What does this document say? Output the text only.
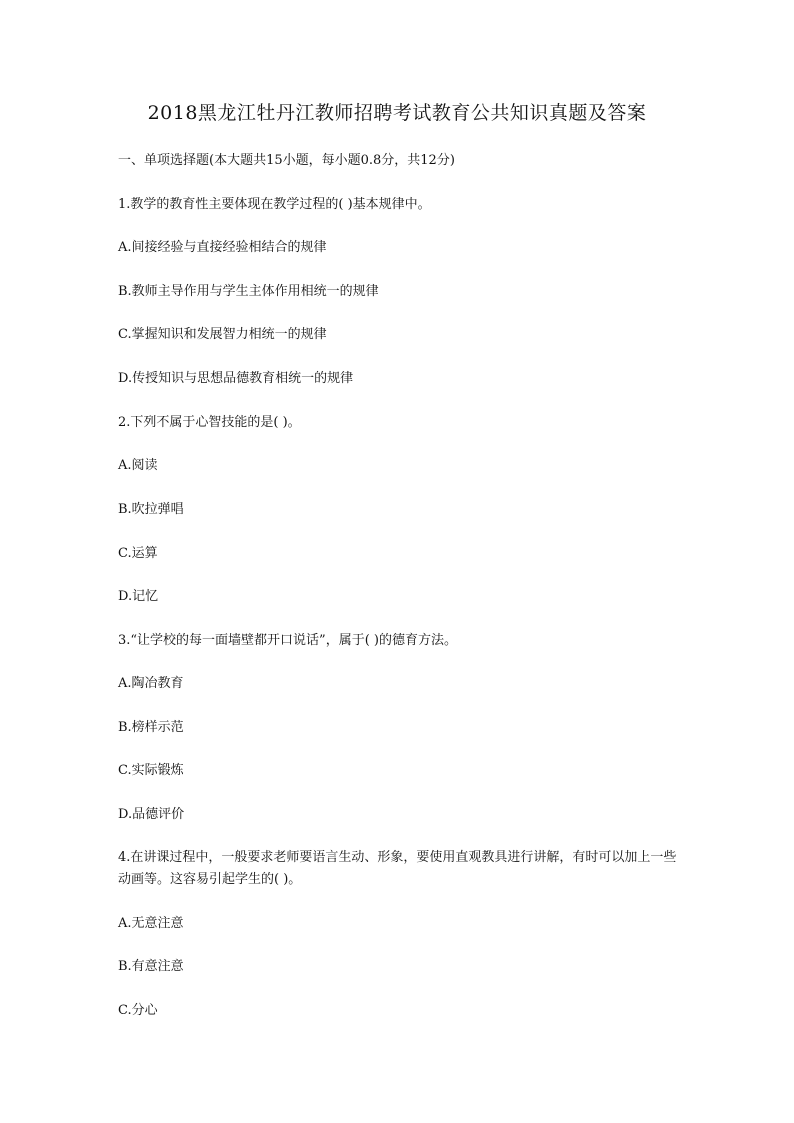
2018黑龙江牡丹江教师招聘考试教育公共知识真题及答案
一、单项选择题(本大题共15小题，每小题0.8分，共12分)
1.教学的教育性主要体现在教学过程的( )基本规律中。
A.间接经验与直接经验相结合的规律
B.教师主导作用与学生主体作用相统一的规律
C.掌握知识和发展智力相统一的规律
D.传授知识与思想品德教育相统一的规律
2.下列不属于心智技能的是( )。
A.阅读
B.吹拉弹唱
C.运算
D.记忆
3.“让学校的每一面墙壁都开口说话”，属于( )的德育方法。
A.陶冶教育
B.榜样示范
C.实际锻炼
D.品德评价
4.在讲课过程中，一般要求老师要语言生动、形象，要使用直观教具进行讲解，有时可以加上一些动画等。这容易引起学生的( )。
A.无意注意
B.有意注意
C.分心
